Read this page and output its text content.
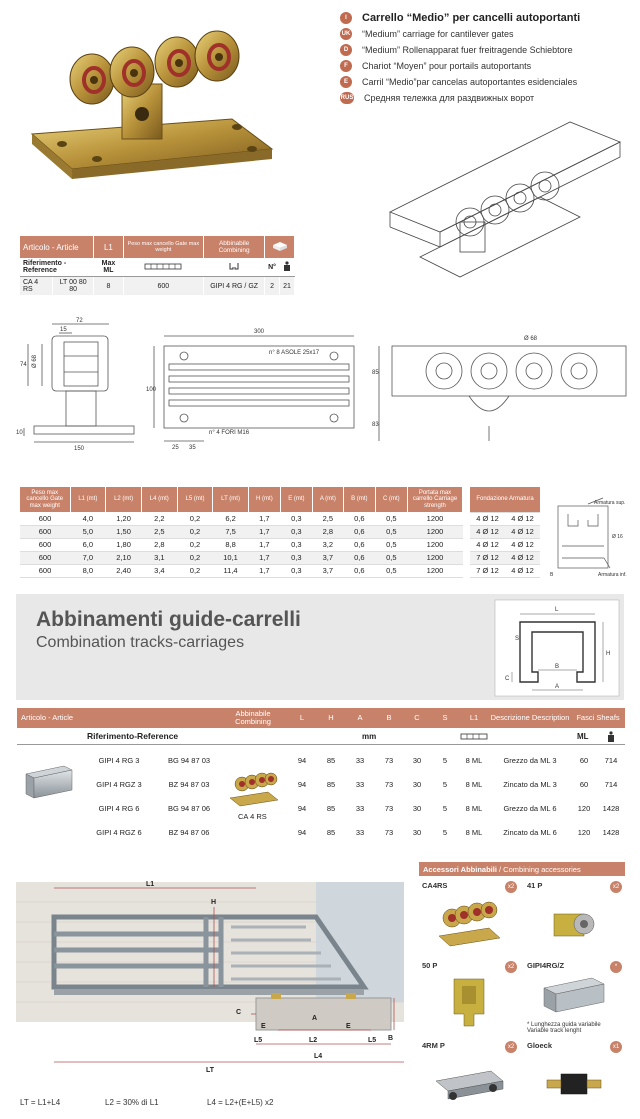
I	Carrello “Medio” per cancelli autoportanti
UK “Medium” carriage for cantilever gates
D	“Medium” Rollenapparat fuer freitragende Schiebtore
F	Chariot “Moyen” pour portails autoportants
E	Carril “Medio”par cancelas autoportantes esidenciales
RUS Средняя тележка для раздвижных ворот
Articolo - Article		L1	Peso max cancello Gate max weight	Abbinabile Combining	
Riferimento - Reference		Max ML			N°	
CA 4 RS	LT 00 80 80	8	600	GIPI 4 RG / GZ	2	21
72
15
74 Ø 68
10
150
300
n° 8 ASOLE 25x17
100
n° 4 FORI M16
25 35
Ø 68
85
83
Peso max cancello Gate max weight	L1 (mt)	L2 (mt)	L4 (mt)	L5 (mt)	LT (mt)	H (mt)	E (mt)	A (mt)	B (mt)	C (mt)	Portata max carrello Carriage strength
600	4,0	1,20	2,2	0,2	6,2	1,7	0,3	2,5	0,6	0,5	1200
600	5,0	1,50	2,5	0,2	7,5	1,7	0,3	2,8	0,6	0,5	1200
600	6,0	1,80	2,8	0,2	8,8	1,7	0,3	3,2	0,6	0,5	1200
600	7,0	2,10	3,1	0,2	10,1	1,7	0,3	3,7	0,6	0,5	1200
600	8,0	2,40	3,4	0,2	11,4	1,7	0,3	3,7	0,6	0,5	1200
Fondazione Armatura	
4 Ø 12	4 Ø 12
4 Ø 12	4 Ø 12
4 Ø 12	4 Ø 12
7 Ø 12	4 Ø 12
7 Ø 12	4 Ø 12
Armatura sup.
Ø 16
B	Armatura inf.
Abbinamenti guide-carrelli
Combination tracks-carriages
L
S
H
C
B
A
Articolo - Article	Abbinabile Combining	L	H	A	B	C	S	L1	Descrizione Description Fasci Sheafs
Riferimento-Reference	mm	ML
CA 4 RS
GIPI 4 RG 3	BG 94 87 03	94	85	33	73	30	5	8 ML	Grezzo da ML 3	60	714
GIPI 4 RGZ 3	BZ 94 87 03	94	85	33	73	30	5	8 ML	Zincato da ML 3	60	714
GIPI 4 RG 6	BG 94 87 06	94	85	33	73	30	5	8 ML	Grezzo da ML 6	120	1428
GIPI 4 RGZ 6	BZ 94 87 06	94	85	33	73	30	5	8 ML	Zincato da ML 6	120	1428
L1
H
C
A
E	E
L5	L2	L5 B
L4
LT
LT = L1+L4	L2 = 30% di L1	L4 = L2+(E+L5) x2
Accessori Abbinabili
/ Combining accessories
CA4RS	x2	41 P	x2
50 P	x2	GIPI4RG/Z	*
* Lunghezza guida variabile
Variable track lenght
4RM P	x2	Gloeck	x1
